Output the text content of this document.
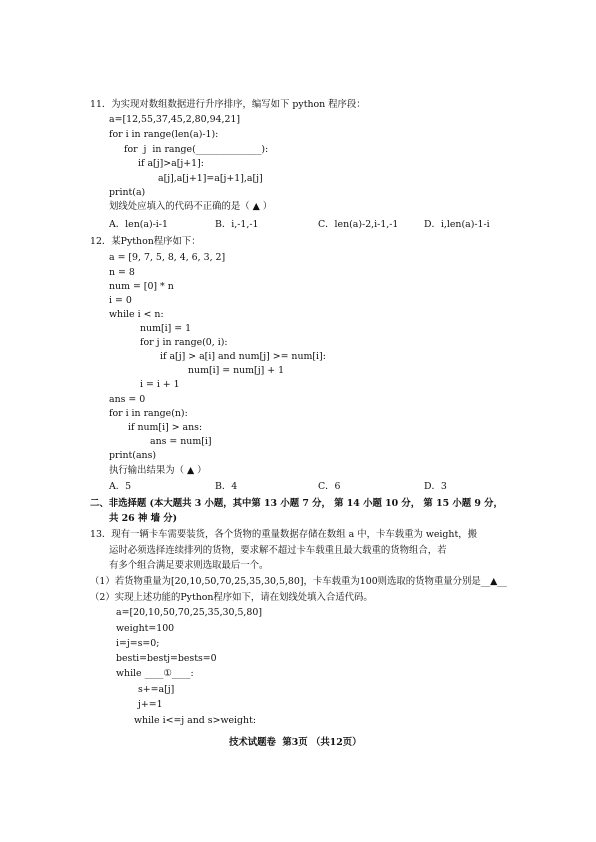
11．为实现对数组数据进行升序排序，编写如下 python 程序段：
a=[12,55,37,45,2,80,94,21]
for i in range(len(a)-1):
for  j  in range(______________):
if a[j]>a[j+1]:
a[j],a[j+1]=a[j+1],a[j]
print(a)
划线处应填入的代码不正确的是（ ▲ ）
A．len(a)-i-1	B．i,-1,-1	C．len(a)-2,i-1,-1	D．i,len(a)-1-i
12．某Python程序如下：
a = [9, 7, 5, 8, 4, 6, 3, 2]
n = 8
num = [0] * n
i = 0
while i < n:
num[i] = 1
for j in range(0, i):
if a[j] > a[i] and num[j] >= num[i]:
num[i] = num[j] + 1
i = i + 1
ans = 0
for i in range(n):
if num[i] > ans:
ans = num[i]
print(ans)
执行输出结果为（ ▲ ）
A．5	B．4	C．6	D．3
二、非选择题 (本大题共 3 小题，其中第 13 小题 7 分， 第 14 小题 10 分， 第 15 小题 9 分，
共 26 神 墙 分)
13．现有一辆卡车需要装货，各个货物的重量数据存储在数组 a 中，卡车载重为 weight，搬
运时必须选择连续排列的货物，要求解不超过卡车载重且最大载重的货物组合，若
有多个组合满足要求则选取最后一个。
（1）若货物重量为[20,10,50,70,25,35,30,5,80]，卡车载重为100则选取的货物重量分别是__▲__
（2）实现上述功能的Python程序如下，请在划线处填入合适代码。
a=[20,10,50,70,25,35,30,5,80]
weight=100
i=j=s=0;
besti=bestj=bests=0
while ____①____:
s+=a[j]
j+=1
while i<=j and s>weight:
技术试题卷  第3页 （共12页）
